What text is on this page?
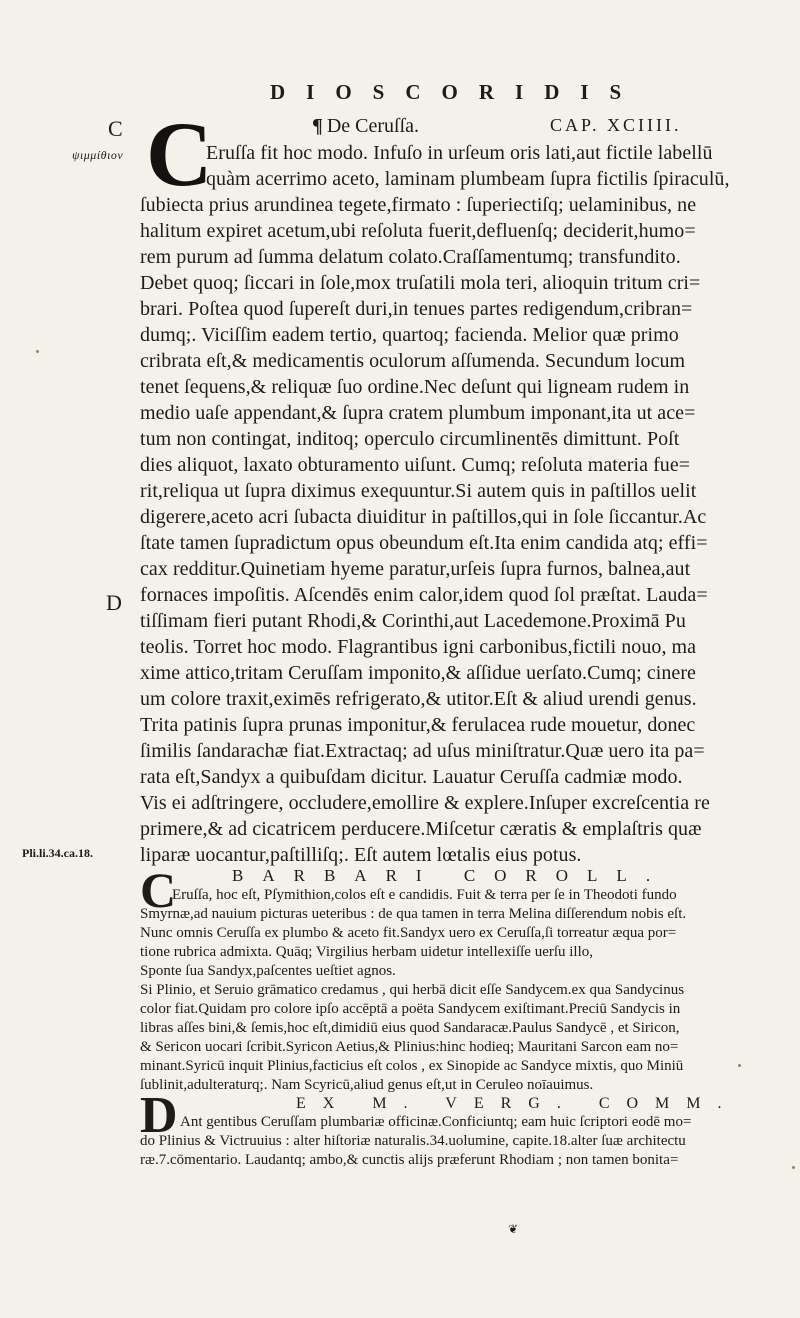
DIOSCORIDIS
C
ψιμμίθιον
D
Pli.li.34.ca.18.
C	¶ De Ceruſſa.	CAP. XCIIII.
Eruſſa fit hoc modo. Infuſo in urſeum oris lati,aut fictile labellū
quàm acerrimo aceto, laminam plumbeam ſupra fictilis ſpiraculū,
ſubiecta prius arundinea tegete,firmato : ſuperiectiſq; uelaminibus, ne
halitum expiret acetum,ubi reſoluta fuerit,defluenſq; deciderit,humo=
rem purum ad ſumma delatum colato.Craſſamentumq; transfundito.
Debet quoq; ſiccari in ſole,mox truſatili mola teri, alioquin tritum cri=
brari. Poſtea quod ſupereſt duri,in tenues partes redigendum,cribran=
dumq;. Viciſſim eadem tertio, quartoq; facienda. Melior quæ primo
cribrata eſt,& medicamentis oculorum aſſumenda. Secundum locum
tenet ſequens,& reliquæ ſuo ordine.Nec deſunt qui ligneam rudem in
medio uaſe appendant,& ſupra cratem plumbum imponant,ita ut ace=
tum non contingat, inditoq; operculo circumlinentēs dimittunt. Poſt
dies aliquot, laxato obturamento uiſunt. Cumq; reſoluta materia fue=
rit,reliqua ut ſupra diximus exequuntur.Si autem quis in paſtillos uelit
digerere,aceto acri ſubacta diuiditur in paſtillos,qui in ſole ſiccantur.Ac
ſtate tamen ſupradictum opus obeundum eſt.Ita enim candida atq; effi=
cax redditur.Quinetiam hyeme paratur,urſeis ſupra furnos, balnea,aut
fornaces impoſitis. Aſcendēs enim calor,idem quod ſol præſtat. Lauda=
tiſſimam fieri putant Rhodi,& Corinthi,aut Lacedemone.Proximā Pu
teolis. Torret hoc modo. Flagrantibus igni carbonibus,fictili nouo, ma
xime attico,tritam Ceruſſam imponito,& aſſidue uerſato.Cumq; cinere
um colore traxit,eximēs refrigerato,& utitor.Eſt & aliud urendi genus.
Trita patinis ſupra prunas imponitur,& ferulacea rude mouetur, donec
ſimilis ſandarachæ fiat.Extractaq; ad uſus miniſtratur.Quæ uero ita pa=
rata eſt,Sandyx a quibuſdam dicitur. Lauatur Ceruſſa cadmiæ modo.
Vis ei adſtringere, occludere,emollire & explere.Inſuper excreſcentia re
primere,& ad cicatricem perducere.Miſcetur cæratis & emplaſtris quæ
liparæ uocantur,paſtilliſq;. Eſt autem lœtalis eius potus.
C	BARBARI COROLL.
Eruſſa, hoc eſt, Pſymithion,colos eſt e candidis. Fuit & terra per ſe in Theodoti fundo
Smyrnæ,ad nauium picturas ueteribus : de qua tamen in terra Melina diſſerendum nobis eſt.
Nunc omnis Ceruſſa ex plumbo & aceto fit.Sandyx uero ex Ceruſſa,ſi torreatur æqua por=
tione rubrica admixta. Quāq; Virgilius herbam uidetur intellexiſſe uerſu illo,
Sponte ſua Sandyx,paſcentes ueſtiet agnos.
Si Plinio, et Seruio grāmatico credamus , qui herbā dicit eſſe Sandycem.ex qua Sandycinus
color fiat.Quidam pro colore ipſo accēptā a poëta Sandycem exiſtimant.Preciū Sandycis in
libras aſſes bini,& ſemis,hoc eſt,dimidiū eius quod Sandaracæ.Paulus Sandycē , et Siricon,
& Sericon uocari ſcribit.Syricon Aetius,& Plinius:hinc hodieq; Mauritani Sarcon eam no=
minant.Syricū inquit Plinius,facticius eſt colos , ex Sinopide ac Sandyce mixtis, quo Miniū
ſublinit,adulteraturq;. Nam Scyricū,aliud genus eſt,ut in Ceruleo noīauimus.
D	EX M. VERG. COMM.
Ant gentibus Ceruſſam plumbariæ officinæ.Conficiuntq; eam huic ſcriptori eodē mo=
do Plinius & Victruuius : alter hiſtoriæ naturalis.34.uolumine, capite.18.alter ſuæ architectu
ræ.7.cōmentario. Laudantq; ambo,& cunctis alijs præferunt Rhodiam ; non tamen bonita=
❦
